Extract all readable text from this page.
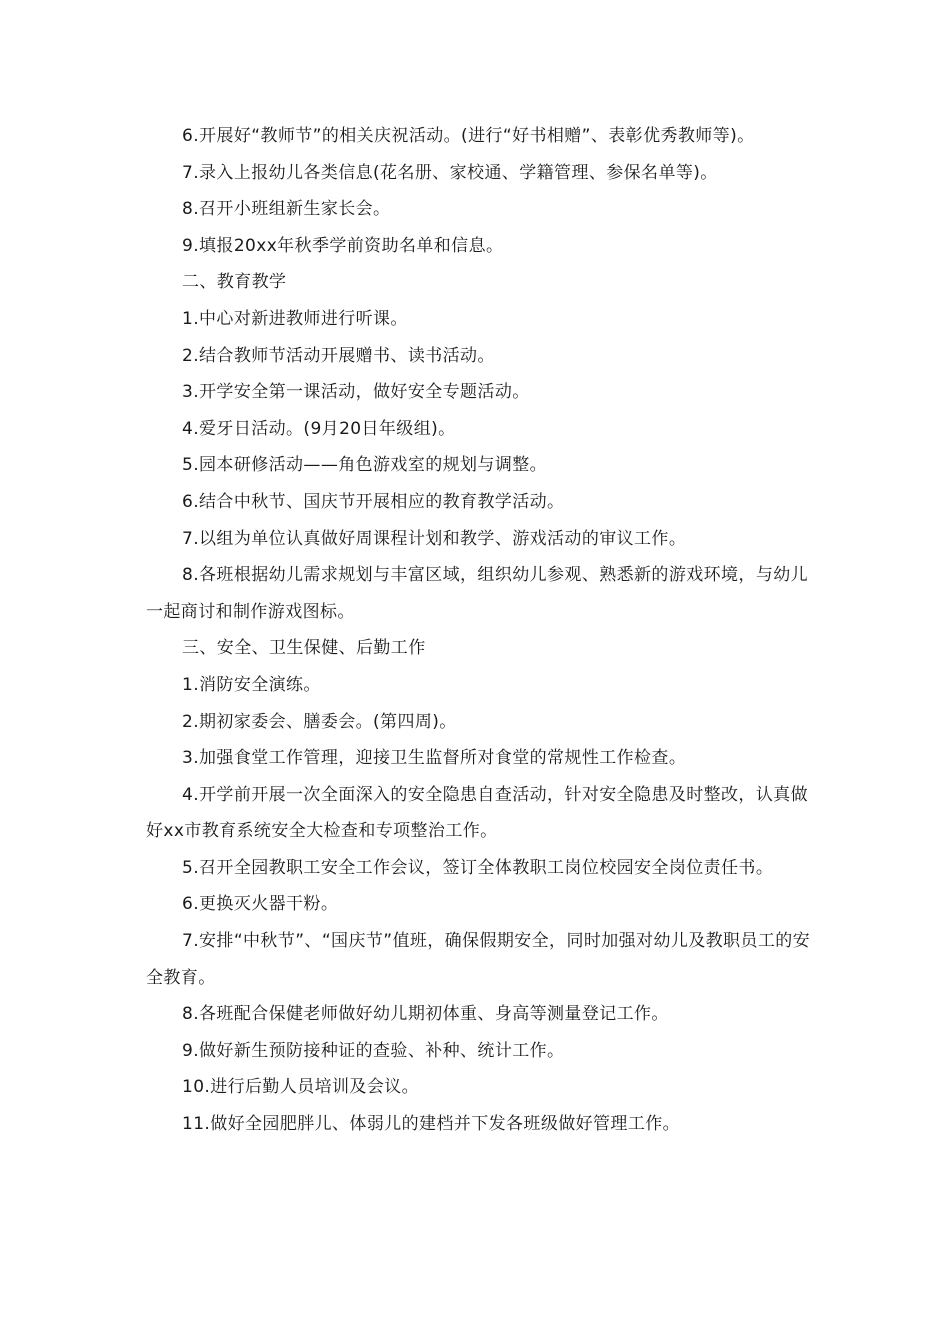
6.开展好“教师节”的相关庆祝活动。(进行“好书相赠”、表彰优秀教师等)。

7.录入上报幼儿各类信息(花名册、家校通、学籍管理、参保名单等)。

8.召开小班组新生家长会。

9.填报20xx年秋季学前资助名单和信息。

二、教育教学

1.中心对新进教师进行听课。

2.结合教师节活动开展赠书、读书活动。

3.开学安全第一课活动，做好安全专题活动。

4.爱牙日活动。(9月20日年级组)。

5.园本研修活动——角色游戏室的规划与调整。

6.结合中秋节、国庆节开展相应的教育教学活动。

7.以组为单位认真做好周课程计划和教学、游戏活动的审议工作。

8.各班根据幼儿需求规划与丰富区域，组织幼儿参观、熟悉新的游戏环境，与幼儿一起商讨和制作游戏图标。

三、安全、卫生保健、后勤工作

1.消防安全演练。

2.期初家委会、膳委会。(第四周)。

3.加强食堂工作管理，迎接卫生监督所对食堂的常规性工作检查。

4.开学前开展一次全面深入的安全隐患自查活动，针对安全隐患及时整改，认真做好xx市教育系统安全大检查和专项整治工作。

5.召开全园教职工安全工作会议，签订全体教职工岗位校园安全岗位责任书。

6.更换灭火器干粉。

7.安排“中秋节”、“国庆节”值班，确保假期安全，同时加强对幼儿及教职员工的安全教育。

8.各班配合保健老师做好幼儿期初体重、身高等测量登记工作。

9.做好新生预防接种证的查验、补种、统计工作。

10.进行后勤人员培训及会议。

11.做好全园肥胖儿、体弱儿的建档并下发各班级做好管理工作。
